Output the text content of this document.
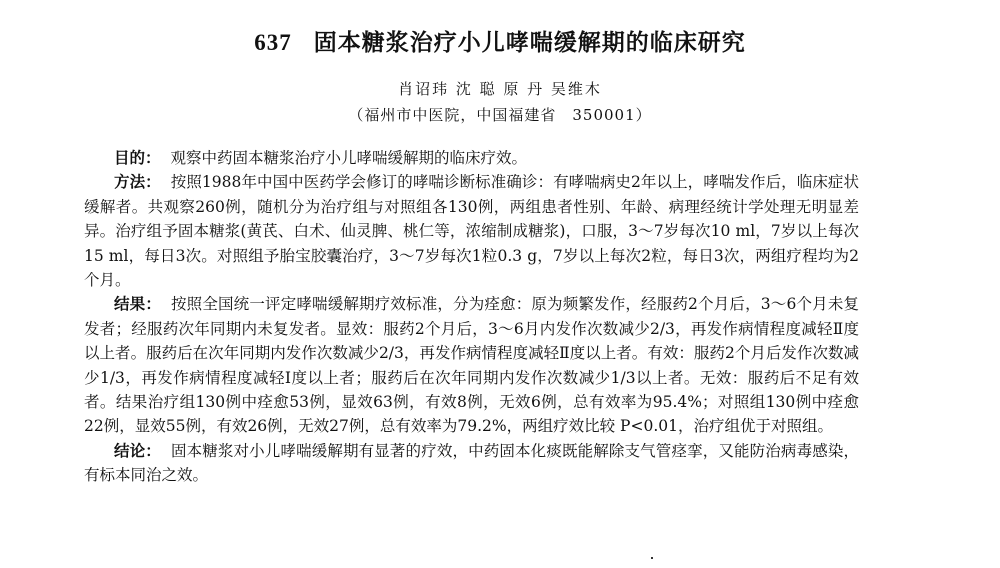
637 固本糖浆治疗小儿哮喘缓解期的临床研究
肖诏玮 沈 聪 原 丹 吴维木
（福州市中医院，中国福建省　350001）

目的： 观察中药固本糖浆治疗小儿哮喘缓解期的临床疗效。

方法： 按照1988年中国中医药学会修订的哮喘诊断标准确诊：有哮喘病史2年以上，哮喘发作后，临床症状缓解者。共观察260例，随机分为治疗组与对照组各130例，两组患者性别、年龄、病理经统计学处理无明显差异。治疗组予固本糖浆(黄芪、白术、仙灵脾、桃仁等，浓缩制成糖浆)，口服，3～7岁每次10 ml，7岁以上每次15 ml，每日3次。对照组予胎宝胶囊治疗，3～7岁每次1粒0.3 g，7岁以上每次2粒，每日3次，两组疗程均为2个月。

结果： 按照全国统一评定哮喘缓解期疗效标准，分为痊愈：原为频繁发作，经服药2个月后，3～6个月未复发者；经服药次年同期内未复发者。显效：服药2个月后，3～6月内发作次数减少2/3，再发作病情程度减轻Ⅱ度以上者。服药后在次年同期内发作次数减少2/3，再发作病情程度减轻Ⅱ度以上者。有效：服药2个月后发作次数减少1/3，再发作病情程度减轻Ⅰ度以上者；服药后在次年同期内发作次数减少1/3以上者。无效：服药后不足有效者。结果治疗组130例中痊愈53例，显效63例，有效8例，无效6例，总有效率为95.4%；对照组130例中痊愈22例，显效55例，有效26例，无效27例，总有效率为79.2%，两组疗效比较 P<0.01，治疗组优于对照组。

结论： 固本糖浆对小儿哮喘缓解期有显著的疗效，中药固本化痰既能解除支气管痉挛，又能防治病毒感染，有标本同治之效。
